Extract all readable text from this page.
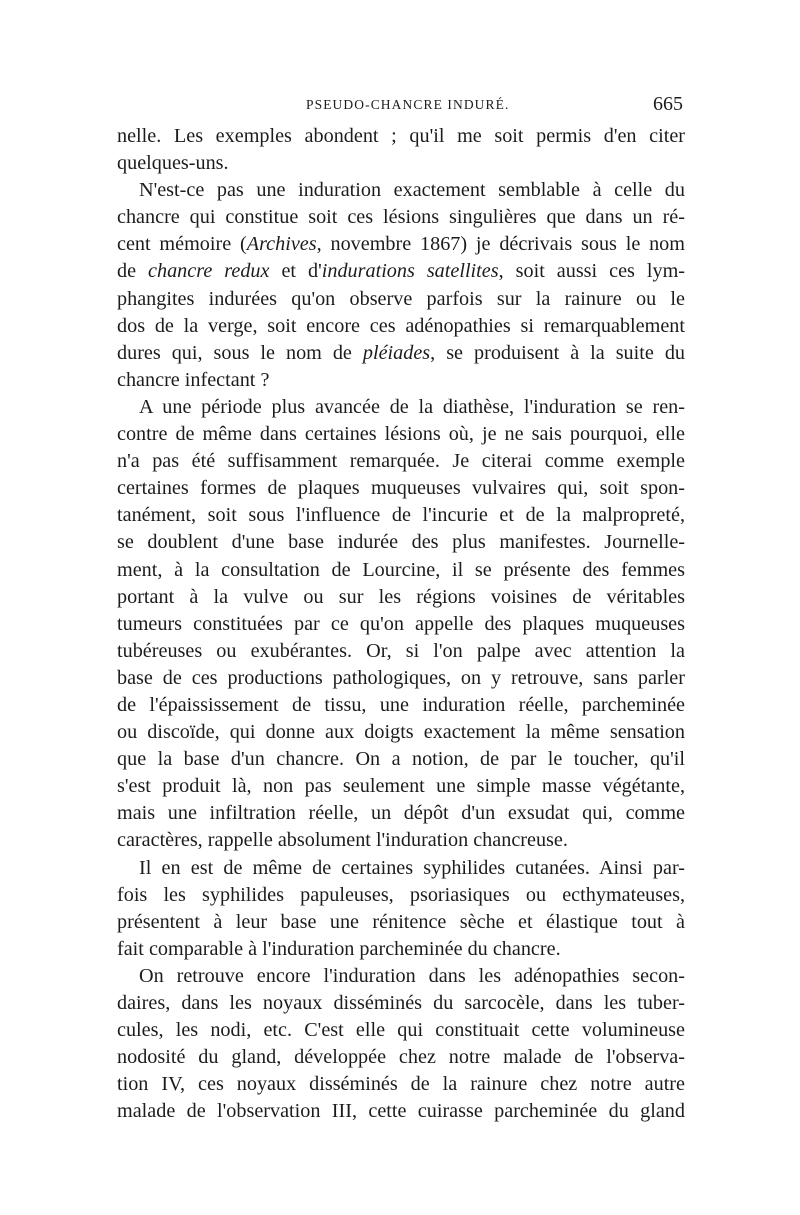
PSEUDO-CHANCRE INDURÉ.	665
nelle. Les exemples abondent ; qu'il me soit permis d'en citer
quelques-uns.
N'est-ce pas une induration exactement semblable à celle du
chancre qui constitue soit ces lésions singulières que dans un ré-
cent mémoire (Archives, novembre 1867) je décrivais sous le nom
de chancre redux et d'indurations satellites, soit aussi ces lym-
phangites indurées qu'on observe parfois sur la rainure ou le
dos de la verge, soit encore ces adénopathies si remarquablement
dures qui, sous le nom de pléiades, se produisent à la suite du
chancre infectant ?
A une période plus avancée de la diathèse, l'induration se ren-
contre de même dans certaines lésions où, je ne sais pourquoi, elle
n'a pas été suffisamment remarquée. Je citerai comme exemple
certaines formes de plaques muqueuses vulvaires qui, soit spon-
tanément, soit sous l'influence de l'incurie et de la malpropreté,
se doublent d'une base indurée des plus manifestes. Journelle-
ment, à la consultation de Lourcine, il se présente des femmes
portant à la vulve ou sur les régions voisines de véritables
tumeurs constituées par ce qu'on appelle des plaques muqueuses
tubéreuses ou exubérantes. Or, si l'on palpe avec attention la
base de ces productions pathologiques, on y retrouve, sans parler
de l'épaississement de tissu, une induration réelle, parcheminée
ou discoïde, qui donne aux doigts exactement la même sensation
que la base d'un chancre. On a notion, de par le toucher, qu'il
s'est produit là, non pas seulement une simple masse végétante,
mais une infiltration réelle, un dépôt d'un exsudat qui, comme
caractères, rappelle absolument l'induration chancreuse.
Il en est de même de certaines syphilides cutanées. Ainsi par-
fois les syphilides papuleuses, psoriasiques ou ecthymateuses,
présentent à leur base une rénitence sèche et élastique tout à
fait comparable à l'induration parcheminée du chancre.
On retrouve encore l'induration dans les adénopathies secon-
daires, dans les noyaux disséminés du sarcocèle, dans les tuber-
cules, les nodi, etc. C'est elle qui constituait cette volumineuse
nodosité du gland, développée chez notre malade de l'observa-
tion IV, ces noyaux disséminés de la rainure chez notre autre
malade de l'observation III, cette cuirasse parcheminée du gland
